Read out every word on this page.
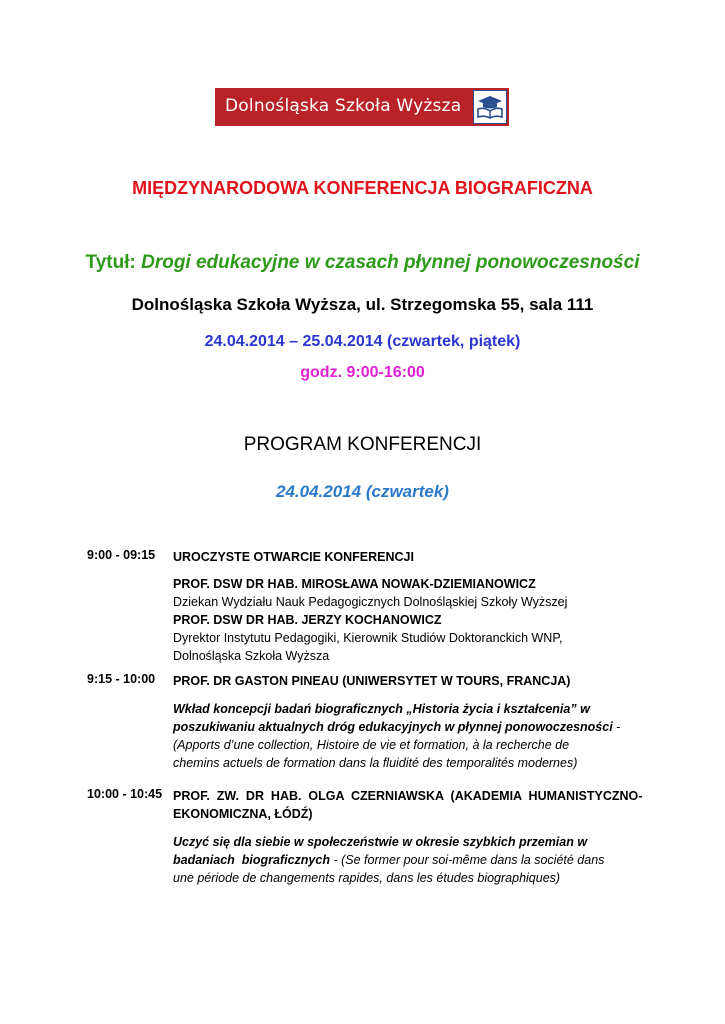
Dolnośląska Szkoła Wyższa
MIĘDZYNARODOWA KONFERENCJA BIOGRAFICZNA
Tytuł: Drogi edukacyjne w czasach płynnej ponowoczesności
Dolnośląska Szkoła Wyższa, ul. Strzegomska 55, sala 111
24.04.2014 – 25.04.2014 (czwartek, piątek)
godz. 9:00-16:00
PROGRAM KONFERENCJI
24.04.2014 (czwartek)
9:00 - 09:15 UROCZYSTE OTWARCIE KONFERENCJI
PROF. DSW DR HAB. MIROSŁAWA NOWAK-DZIEMIANOWICZ
Dziekan Wydziału Nauk Pedagogicznych Dolnośląskiej Szkoły Wyższej
PROF. DSW DR HAB. JERZY KOCHANOWICZ
Dyrektor Instytutu Pedagogiki, Kierownik Studiów Doktoranckich WNP,
Dolnośląska Szkoła Wyższa
9:15 - 10:00 PROF. DR GASTON PINEAU (UNIWERSYTET W TOURS, FRANCJA)
Wkład koncepcji badań biograficznych „Historia życia i kształcenia” w
poszukiwaniu aktualnych dróg edukacyjnych w płynnej ponowoczesności -
(Apports d’une collection, Histoire de vie et formation, à la recherche de
chemins actuels de formation dans la fluidité des temporalités modernes)
10:00 - 10:45 PROF.  ZW.  DR  HAB.  OLGA  CZERNIAWSKA  (AKADEMIA  HUMANISTYCZNO-
EKONOMICZNA, ŁÓDŹ)
Uczyć się dla siebie w społeczeństwie w okresie szybkich przemian w
badaniach  biograficznych - (Se former pour soi-même dans la société dans
une période de changements rapides, dans les études biographiques)
